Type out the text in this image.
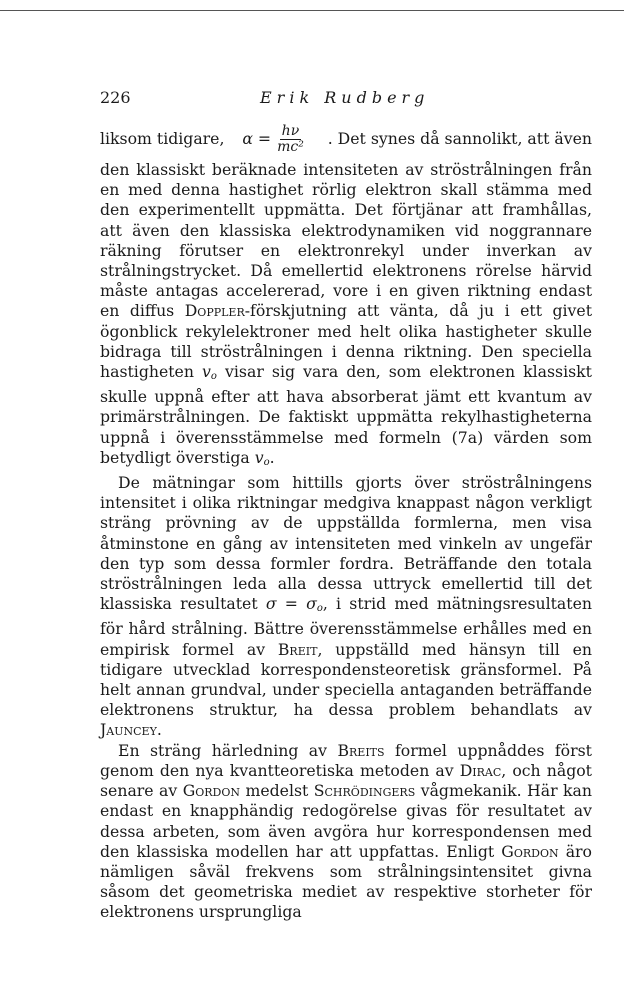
226	Erik Rudberg
liksom tidigare, $\alpha = \frac{h\nu}{\text{mc²}}$ . Det synes då sannolikt, att även

den klassiskt beräknade intensiteten av ströstrålningen från en med denna hastighet rörlig elektron skall stämma med den experimentellt uppmätta. Det förtjänar att framhållas, att även den klassiska elektrodynamiken vid noggrannare räkning förutser en elektronrekyl under inverkan av strålningstrycket. Då emellertid elektronens rörelse härvid måste antagas accelererad, vore i en given riktning endast en diffus Doppler-förskjutning att vänta, då ju i ett givet ögonblick rekylelektroner med helt olika hastigheter skulle bidraga till ströstrålningen i denna riktning. Den speciella hastigheten $v_o$ visar sig vara den, som elektronen klassiskt skulle uppnå efter att hava absorberat jämt ett kvantum av primärstrålningen. De faktiskt uppmätta rekylhastigheterna uppnå i överensstämmelse med formeln (7a) värden som betydligt överstiga $v_o$.

De mätningar som hittills gjorts över ströstrålningens intensitet i olika riktningar medgiva knappast någon verkligt sträng prövning av de uppställda formlerna, men visa åtminstone en gång av intensiteten med vinkeln av ungefär den typ som dessa formler fordra. Beträffande den totala ströstrålningen leda alla dessa uttryck emellertid till det klassiska resultatet $\sigma = \sigma_o$, i strid med mätningsresultaten för hård strålning. Bättre överensstämmelse erhålles med en empirisk formel av Breit, uppställd med hänsyn till en tidigare utvecklad korrespondensteoretisk gränsformel. På helt annan grundval, under speciella antaganden beträffande elektronens struktur, ha dessa problem behandlats av Jauncey.

En sträng härledning av Breits formel uppnåddes först genom den nya kvantteoretiska metoden av Dirac, och något senare av Gordon medelst Schrödingers vågmekanik. Här kan endast en knapphändig redogörelse givas för resultatet av dessa arbeten, som även avgöra hur korrespondensen med den klassiska modellen har att uppfattas. Enligt Gordon äro nämligen såväl frekvens som strålningsintensitet givna såsom det geometriska mediet av respektive storheter för elektronens ursprungliga
